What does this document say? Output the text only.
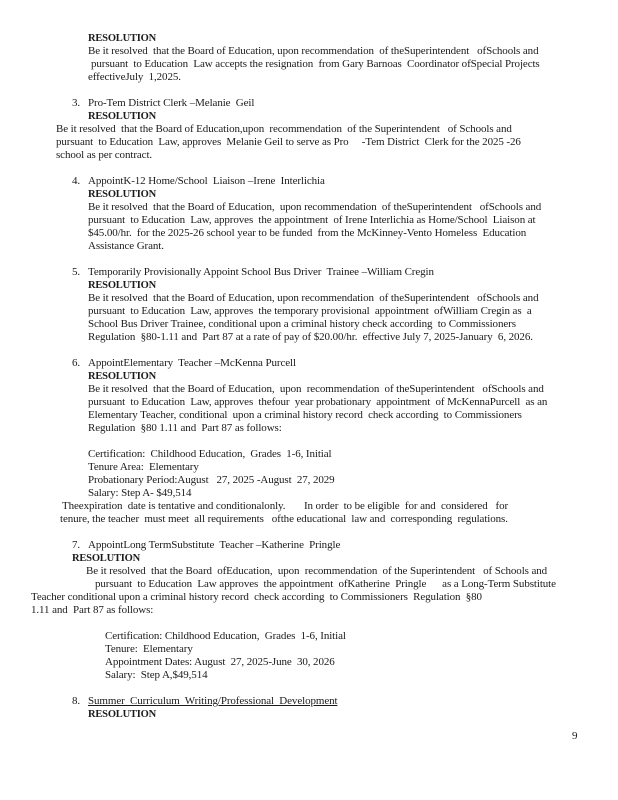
RESOLUTION
Be it resolved  that the Board of Education, upon recommendation  of theSuperintendent   ofSchools and
pursuant  to Education  Law accepts the resignation  from Gary Barnoas  Coordinator ofSpecial Projects
effectiveJuly  1,2025.
3. Pro-Tem District Clerk –Melanie  Geil
RESOLUTION
Be it resolved  that the Board of Education,upon  recommendation  of the Superintendent   of Schools and
pursuant  to Education  Law, approves  Melanie Geil to serve as Pro     -Tem District  Clerk for the 2025 -26
school as per contract.
4. AppointK-12 Home/School  Liaison –Irene  Interlichia
RESOLUTION
Be it resolved  that the Board of Education,  upon recommendation  of theSuperintendent   ofSchools and
pursuant  to Education  Law, approves  the appointment  of Irene Interlichia as Home/School  Liaison at
$45.00/hr.  for the 2025-26 school year to be funded  from the McKinney-Vento Homeless  Education
Assistance Grant.
5. Temporarily Provisionally Appoint School Bus Driver  Trainee –William Cregin
RESOLUTION
Be it resolved  that the Board of Education, upon recommendation  of theSuperintendent   ofSchools and
pursuant  to Education  Law, approves  the temporary provisional  appointment  ofWilliam Cregin as  a
School Bus Driver Trainee, conditional upon a criminal history check according  to Commissioners
Regulation  §80-1.11 and  Part 87 at a rate of pay of $20.00/hr.  effective July 7, 2025-January  6, 2026.
6. AppointElementary  Teacher –McKenna Purcell
RESOLUTION
Be it resolved  that the Board of Education,  upon  recommendation  of theSuperintendent   ofSchools and
pursuant  to Education  Law, approves  thefour  year probationary  appointment  of McKennaPurcell  as an
Elementary Teacher, conditional  upon a criminal history record  check according  to Commissioners
Regulation  §80 1.11 and  Part 87 as follows:
Certification:  Childhood Education,  Grades  1-6, Initial
Tenure Area:  Elementary
Probationary Period:August   27, 2025 -August  27, 2029
Salary: Step A- $49,514
Theexpiration  date is tentative and conditionalonly.       In order  to be eligible  for and  considered   for
tenure, the teacher  must meet  all requirements   ofthe educational  law and  corresponding  regulations.
7. AppointLong TermSubstitute  Teacher –Katherine  Pringle
RESOLUTION
Be it resolved  that the Board  ofEducation,  upon  recommendation  of the Superintendent   of Schools and
pursuant  to Education  Law approves  the appointment  ofKatherine  Pringle      as a Long-Term Substitute
Teacher conditional upon a criminal history record  check according  to Commissioners  Regulation  §80
1.11 and  Part 87 as follows:
Certification: Childhood Education,  Grades  1-6, Initial
Tenure:  Elementary
Appointment Dates: August  27, 2025-June  30, 2026
Salary:  Step A,$49,514
8. Summer  Curriculum  Writing/Professional  Development
RESOLUTION
9
